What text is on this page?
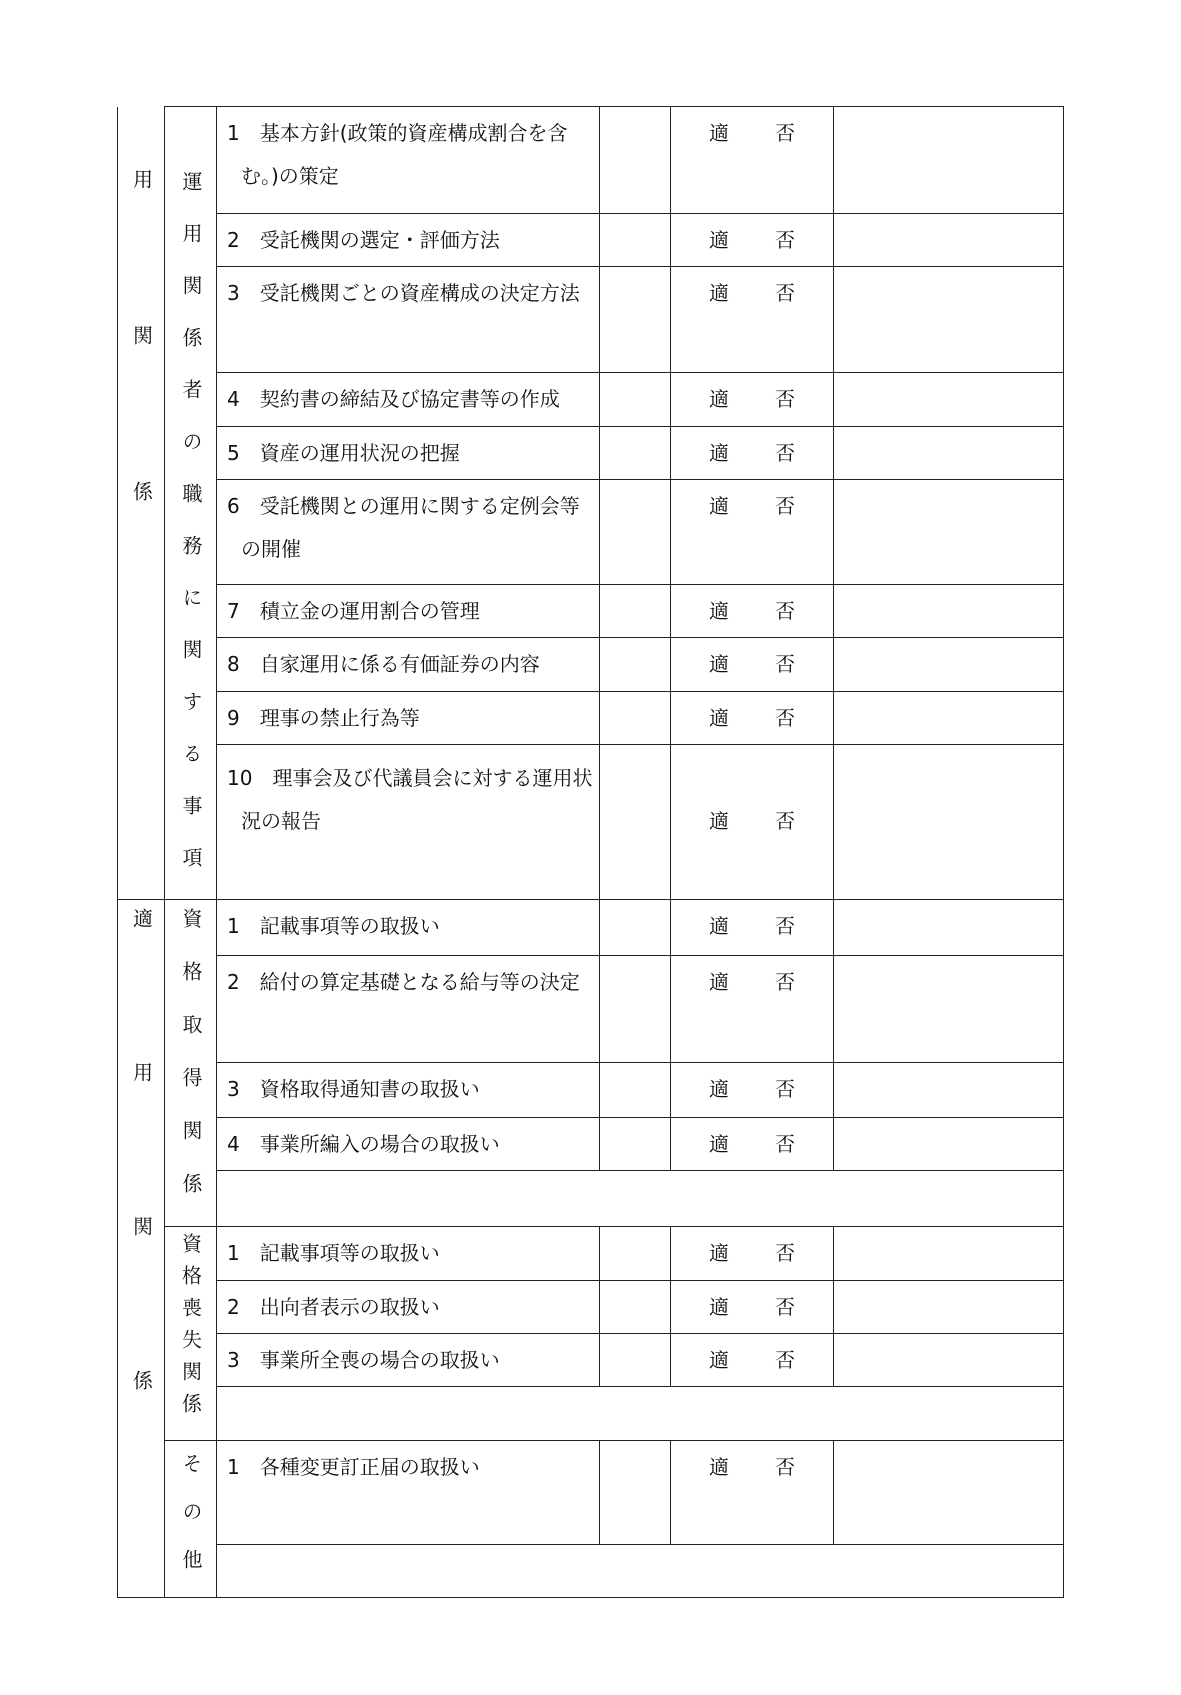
用関係	運用関係者の職務に関する事項	1　基本方針(政策的資産構成割合を含む。)の策定		適 否	

		2　受託機関の選定・評価方法		適 否	

		3　受託機関ごとの資産構成の決定方法		適 否	

		4　契約書の締結及び協定書等の作成		適 否	

		5　資産の運用状況の把握		適 否	

		6　受託機関との運用に関する定例会等の開催		適 否	

		7　積立金の運用割合の管理		適 否	

		8　自家運用に係る有価証券の内容		適 否	

		9　理事の禁止行為等		適 否	

		10　理事会及び代議員会に対する運用状況の報告		適 否	

適用関係	資格取得関係	1　記載事項等の取扱い		適 否	

		2　給付の算定基礎となる給与等の決定		適 否	

		3　資格取得通知書の取扱い		適 否	

		4　事業所編入の場合の取扱い		適 否	

	資格喪失関係	1　記載事項等の取扱い		適 否	

		2　出向者表示の取扱い		適 否	

		3　事業所全喪の場合の取扱い		適 否	

	その他	1　各種変更訂正届の取扱い		適 否	
